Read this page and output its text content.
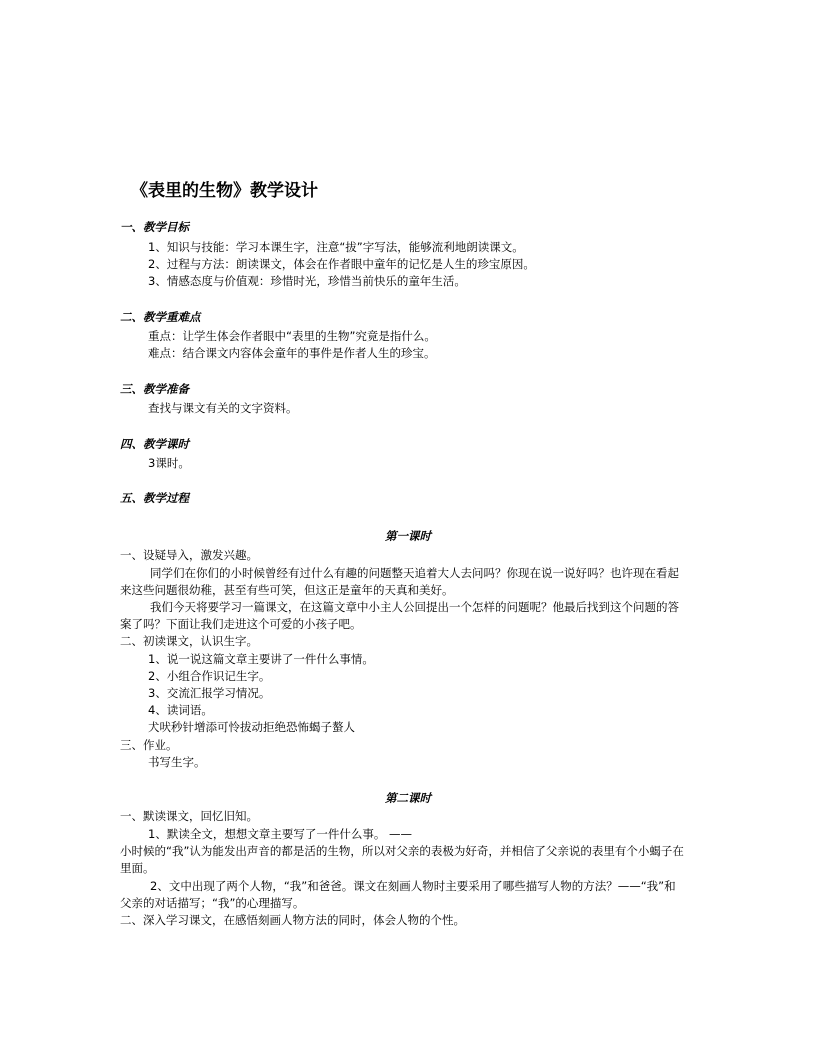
《表里的生物》教学设计
一、教学目标
1、知识与技能：学习本课生字，注意“拔”字写法，能够流利地朗读课文。
2、过程与方法：朗读课文，体会在作者眼中童年的记忆是人生的珍宝原因。
3、情感态度与价值观：珍惜时光，珍惜当前快乐的童年生活。
二、教学重难点
重点：让学生体会作者眼中“表里的生物”究竟是指什么。
难点：结合课文内容体会童年的事件是作者人生的珍宝。
三、教学准备
查找与课文有关的文字资料。
四、教学课时
3课时。
五、教学过程
第一课时
一、设疑导入，激发兴趣。
同学们在你们的小时候曾经有过什么有趣的问题整天追着大人去问吗？你现在说一说好吗？也许现在看起来这些问题很幼稚，甚至有些可笑，但这正是童年的天真和美好。
我们今天将要学习一篇课文，在这篇文章中小主人公回提出一个怎样的问题呢？他最后找到这个问题的答案了吗？下面让我们走进这个可爱的小孩子吧。
二、初读课文，认识生字。
1、说一说这篇文章主要讲了一件什么事情。
2、小组合作识记生字。
3、交流汇报学习情况。
4、读词语。
犬吠秒针增添可怜拔动拒绝恐怖蝎子螯人
三、作业。
书写生字。
第二课时
一、默读课文，回忆旧知。
1、默读全文，想想文章主要写了一件什么事。 ——
小时候的“我”认为能发出声音的都是活的生物，所以对父亲的表极为好奇，并相信了父亲说的表里有个小蝎子在里面。
2、文中出现了两个人物，“我”和爸爸。课文在刻画人物时主要采用了哪些描写人物的方法？——“我”和父亲的对话描写；“我”的心理描写。
二、深入学习课文，在感悟刻画人物方法的同时，体会人物的个性。
